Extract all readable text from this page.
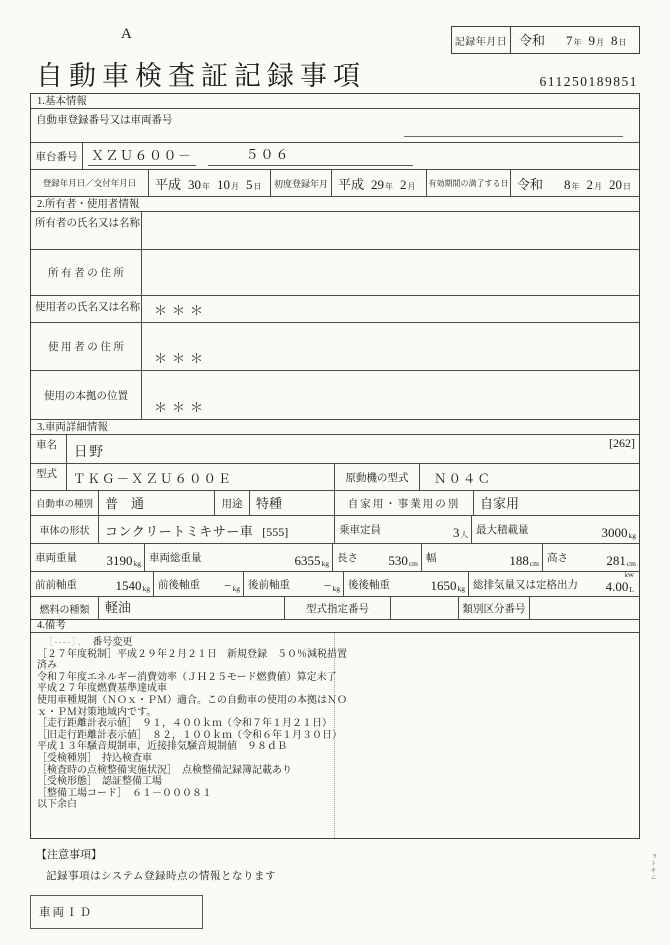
A
自動車検査証記録事項
記録年月日 令和 7 年 9 月 8 日
611250189851
1.基本情報
自動車登録番号又は車両番号
車台番号 ＸＺＵ６００－	５０６
登録年月日／交付年月日 平成 30 年 10 月 5 日 初度登録年月 平成 29 年 2 月 有効期間の満了する日 令和 8 年 2 月 20 日
2.所有者・使用者情報
所有者の氏名又は名称
所 有 者 の 住 所
使用者の氏名又は名称 ＊＊＊
使 用 者 の 住 所
＊＊＊
使用の本拠の位置
＊＊＊
3.車両詳細情報
車名 日野
[262]
型式 ＴＫＧ－ＸＺＵ６００Ｅ	原動機の型式 Ｎ０４Ｃ
自動車の種別 普　通	用途 特種	自家用・事業用の別 自家用
車体の形状 コンクリートミキサー車 [555]	乗車定員	3 人 最大積載量	3000 kg
車両重量 3190 kg 車両総重量	6355 kg 長さ 530 cm 幅	188 cm 高さ	281 cm
前前軸重	1540 kg 前後軸重 − kg 後前軸重	− kg 後後軸重	1650 kg 総排気量又は定格出力
kW
4.00 L
燃料の種類 軽油	型式指定番号	類別区分番号
4.備考
〔‐‐‐‐〕、 番号変更
［２７年度税制］平成２９年２月２１日　新規登録　５０％減税措置
済み
令和７年度エネルギー消費効率（ＪＨ２５モード燃費値）算定未了
平成２７年度燃費基準達成車
使用車種規制（ＮＯｘ・ＰＭ）適合。この自動車の使用の本拠はＮＯ
ｘ・ＰＭ対策地域内です。
［走行距離計表示値］　９１，４００ｋｍ（令和７年１月２１日）
［旧走行距離計表示値］　８２，１００ｋｍ（令和６年１月３０日）
平成１３年騒音規制車，近接排気騒音規制値　９８ｄＢ
［受検種別］　持込検査車
［検査時の点検整備実施状況］　点検整備記録簿記載あり
［受検形態］　認証整備工場
［整備工場コード］　６１－０００８１
以下余白
【注意事項】
記録事項はシステム登録時点の情報となります
車両ＩＤ
ョトキニ
